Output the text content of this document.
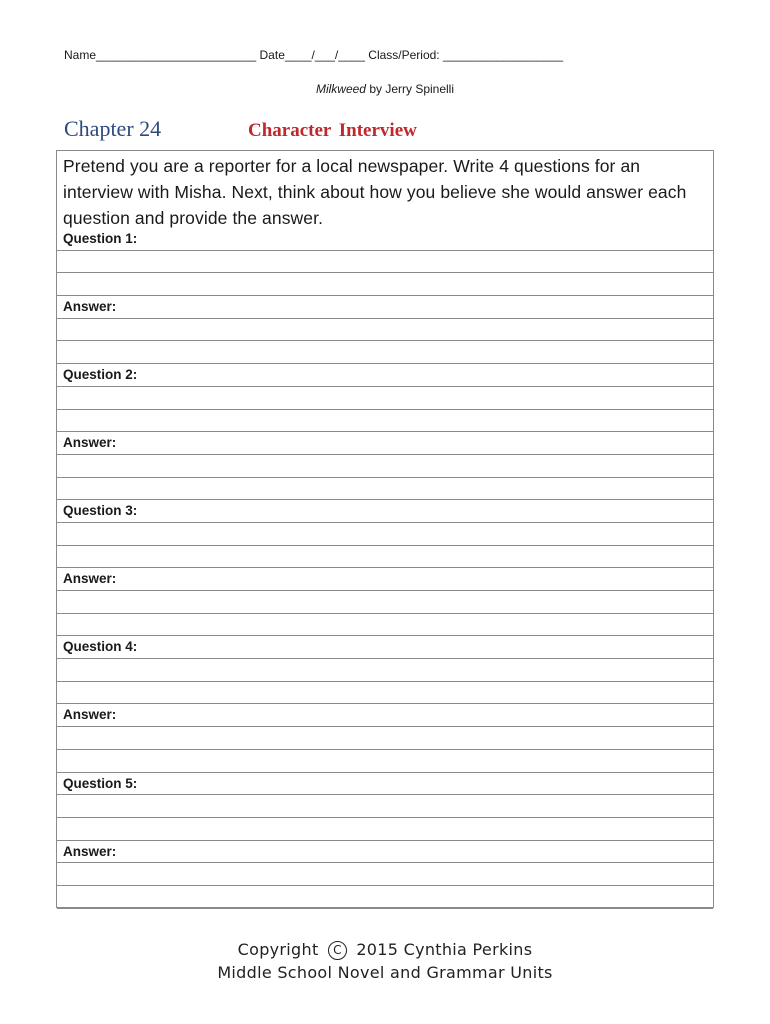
Name________________________ Date____/___/____ Class/Period: __________________
Milkweed by Jerry Spinelli
Chapter 24	Character Interview
Pretend you are a reporter for a local newspaper. Write 4 questions for an interview with Misha. Next, think about how you believe she would answer each question and provide the answer.
Question 1:
Answer:
Question 2:
Answer:
Question 3:
Answer:
Question 4:
Answer:
Question 5:
Answer:
Copyright C 2015 Cynthia Perkins
Middle School Novel and Grammar Units
